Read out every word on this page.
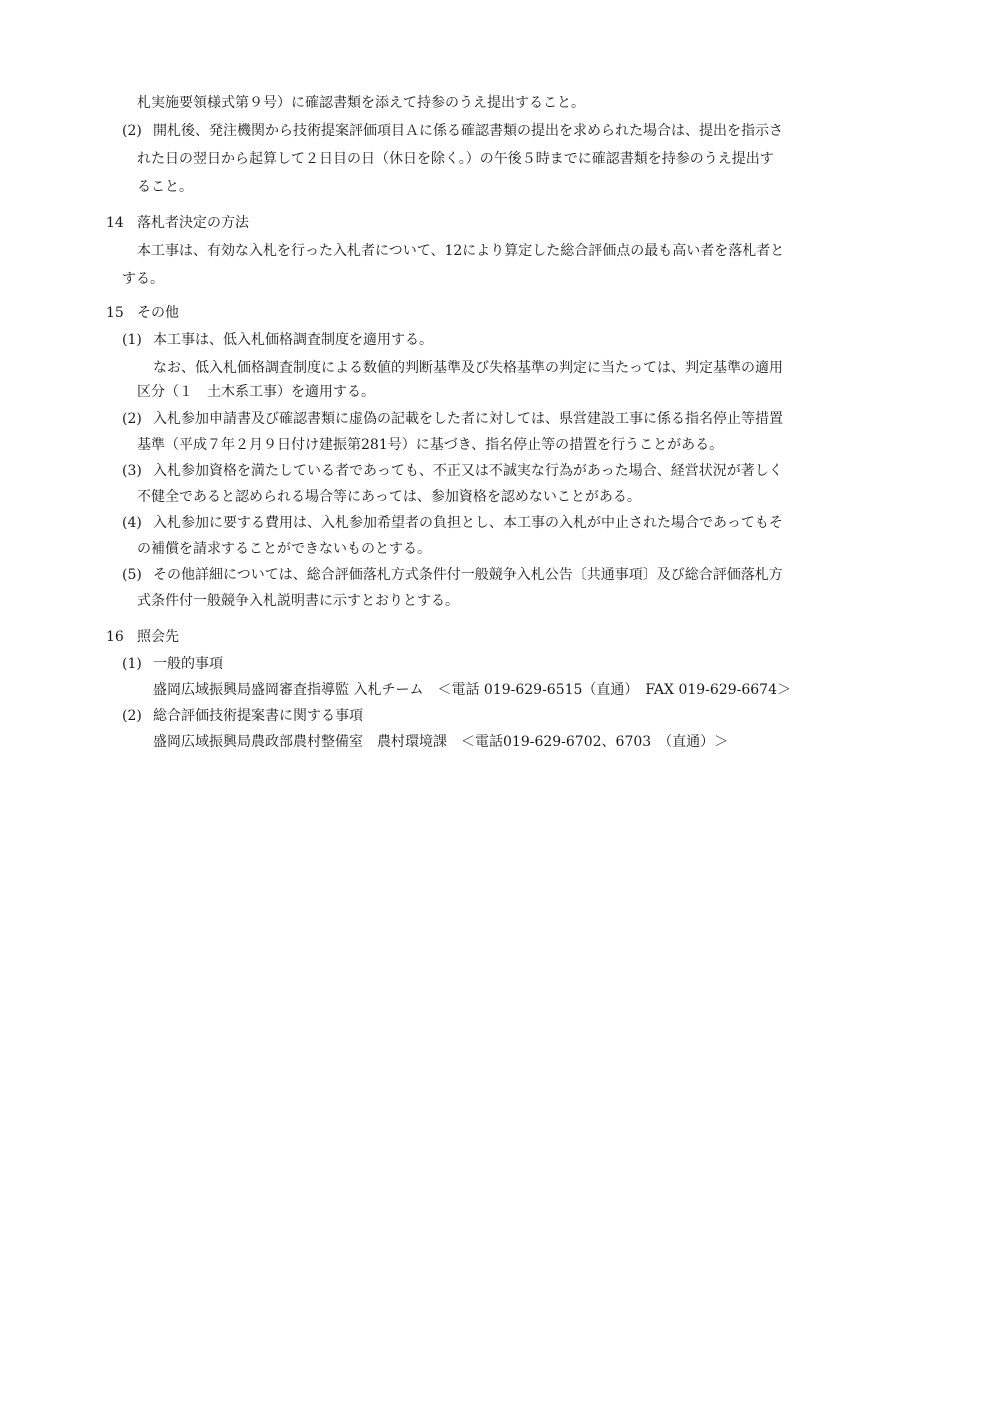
札実施要領様式第９号）に確認書類を添えて持参のうえ提出すること。
(2) 開札後、発注機関から技術提案評価項目Ａに係る確認書類の提出を求められた場合は、提出を指示さ
れた日の翌日から起算して２日目の日（休日を除く。）の午後５時までに確認書類を持参のうえ提出す
ること。
14 落札者決定の方法
本工事は、有効な入札を行った入札者について、12により算定した総合評価点の最も高い者を落札者と
する。
15 その他
(1) 本工事は、低入札価格調査制度を適用する。
なお、低入札価格調査制度による数値的判断基準及び失格基準の判定に当たっては、判定基準の適用
区分（１　土木系工事）を適用する。
(2) 入札参加申請書及び確認書類に虚偽の記載をした者に対しては、県営建設工事に係る指名停止等措置
基準（平成７年２月９日付け建振第281号）に基づき、指名停止等の措置を行うことがある。
(3) 入札参加資格を満たしている者であっても、不正又は不誠実な行為があった場合、経営状況が著しく
不健全であると認められる場合等にあっては、参加資格を認めないことがある。
(4) 入札参加に要する費用は、入札参加希望者の負担とし、本工事の入札が中止された場合であってもそ
の補償を請求することができないものとする。
(5) その他詳細については、総合評価落札方式条件付一般競争入札公告〔共通事項〕及び総合評価落札方
式条件付一般競争入札説明書に示すとおりとする。
16 照会先
(1) 一般的事項
盛岡広域振興局盛岡審査指導監 入札チーム　＜電話 019-629-6515（直通）　FAX 019-629-6674＞
(2) 総合評価技術提案書に関する事項
盛岡広域振興局農政部農村整備室　農村環境課　＜電話019-629-6702、6703　（直通）＞
